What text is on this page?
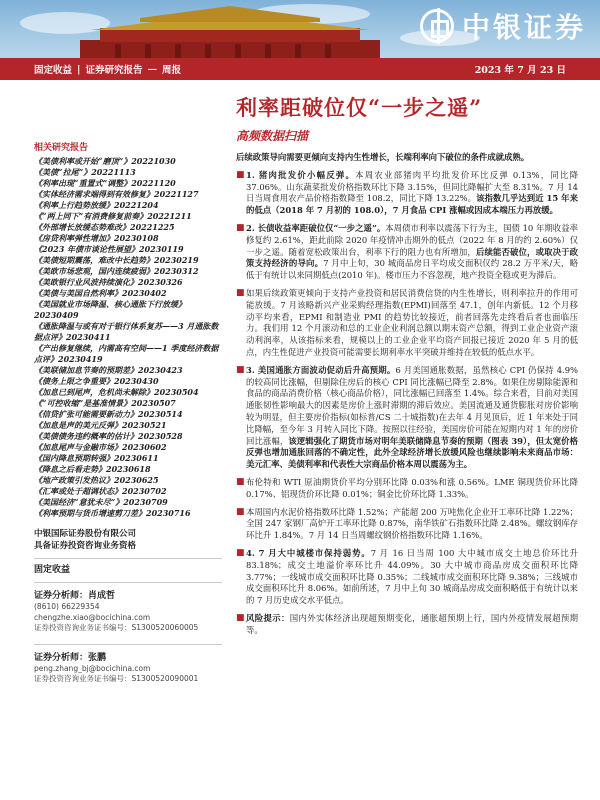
中银证券
固定收益 | 证券研究报告 — 周报	2023 年 7 月 23 日
利率距破位仅“一步之遥”
高频数据扫描
相关研究报告
《美债利率或开始“磨顶”》20221030
《美债“拉尾”》20221113
《利率出现“重置式”调整》20221120
《实体经济需求端得到有效修复》20221127
《利率上行趋势放缓》20221204
《“两上同下”有消费修复前奏》20221211
《外部增长放缓态势难改》20221225
《房贷利率弹性增加》20230108
《2023 年债市谈论性展望》20230119
《美债短期震荡，难改中长趋势》20230219
《美欧市场悲观，国内连续疲弱》20230312
《美欧银行业风波持续演化》20230326
《美债与美国自然利率》20230402
《美国就业市场降温、核心通胀下行放缓》20230409
《通胀降温与或有对于银行体系复苏——3 月通胀数据点评》20230411
《产出修复继续，内需高有空间——1 季度经济数据点评》20230419
《美联储加息节奏的预期差》20230423
《债务上限之争重要》20230430
《加息已到尾声，危机尚未解除》20230504
《“可控收缩”是基准情景》20230507
《信贷扩张可能需要新动力》20230514
《加息是声的美元反弹》20230521
《美债债务违约概率的估计》20230528
《加息尾声与金融市场》20230602
《国内降息预期转强》20230611
《降息之后看走势》20230618
《地产政策引发热议》20230625
《汇率或处于超调状态》20230702
《美国经济“意犹未尽”》20230709
《利率预期与货币增速剪刀差》20230716
中银国际证券股份有限公司
具备证券投资咨询业务资格
固定收益
证券分析师：肖成哲
(8610) 66229354
chengzhe.xiao@bocichina.com
证券投资咨询业务证书编号：S1300520060005
证券分析师：张鹏
peng.zhang_bj@bocichina.com
证券投资咨询业务证书编号：S1300520090001
后续政策导向需要更倾向支持内生性增长，长端利率向下破位的条件成就成熟。
■ 1. 猪肉批发价小幅反弹。本周农业部猪肉平均批发价环比反弹 0.13%，同比降 37.06%。山东蔬菜批发价格指数环比下降 3.15%，但同比降幅扩大至 8.31%。7 月 14 日当周食用农产品价格指数降至 108.2，同比下降 13.22%。该指数几乎达到近 15 年来的低点（2018 年 7 月初的 108.0），7 月食品 CPI 涨幅或因成本端压力再放缓。
■ 2. 长债收益率距破位仅“一步之遥”。本周债市利率以震荡下行为主，国债 10 年期收益率修复约 2.61%，距此前除 2020 年疫情冲击期外的低点（2022 年 8 月的约 2.60%）仅一步之遥。随着宽松政策出台，利率下行的阻力也有所增加，后续能否破位，或取决于政策支持经济的导向。7 月中上旬，30 城商品房日平均成交面积仅约 28.2 万平米/天，略低于有统计以来同期低点(2010 年)。楼市压力不容忽视，地产投资全稳或更为滞后。
■ 如果后续政策更倾向于支持产业投资和居民消费信贷的内生性增长，则利率拉升的作用可能放缓。7 月该略新兴产业采购经理指数(EPMI)回落至 47.1，创年内新低。12 个月移动平均来看，EPMI 和制造业 PMI 的趋势比较接近，前者回落先走终看后者也面临压力。我们用 12 个月滚动和总的工业企业利润总额以期末资产总额，得到工业企业资产滚动利润率，从该指标来看，规模以上的工业企业平均资产回报已接近 2020 年 5 月的低点，内生性促进产业投资可能需要长期利率水平突破并维持在较低的低点水平。
■ 3. 美国通胀方面波动促动后升高预期。6 月美国通胀数据，虽然核心 CPI 仍保持 4.9%的较高同比涨幅，但剔除住房后的核心 CPI 同比涨幅已降至 2.8%。如果住房剔除能源和食品的商品消费价格（核心商品价格），同比涨幅已回落至 1.4%。综合来看，目前对美国通胀韧性影响最大的因素是房价上涨时滞期的滞后效应。美国流通及通货膨胀对房价影响较为明显，但主要房价指标(如标普/CS 二十城指数)在去年 4 月见顶后，近 1 年来处于同比降幅，至今年 3 月转入同比下降。按照以往经验，美国房价可能在短期内对 1 年的房价回比涨幅，该逻辑强化了期货市场对明年美联储降息节奏的预期（图表 39），但太宽价格反弹也增加通胀回落的不确定性，此外全球经济增长放缓风险也继续影响未来商品市场：美元汇率、美债利率和代表性大宗商品价格本周以震荡为主。
■ 布伦特和 WTI 原油期货价平均分别环比降 0.03%和涨 0.56%。LME 铜现货价环比降 0.17%、铝现货价环比降 0.01%；铜金比价环比降 1.33%。
■ 本周国内水泥价格指数环比降 1.52%；产能超 200 万吨焦化企业开工率环比降 1.22%；全国 247 家钢厂高炉开工率环比降 0.87%，南华铁矿石指数环比降 2.48%。螺纹钢库存环比升 1.84%。7 月 14 日当周螺纹钢价格指数环比降 1.16%。
■ 4. 7 月大中城楼市保持弱势。7 月 16 日当周 100 大中城市成交土地总价环比升 83.18%；成交土地溢价率环比升 44.09%。30 大中城市商品房成交面积环比降 3.77%；一线城市成交面积环比降 0.35%；二线城市成交面积环比降 9.38%；三线城市成交面积环比升 8.06%。如前所述，7 月中上旬 30 城商品房成交面积略低于有统计以来的 7 月历史成交水平低点。
■ 风险提示：国内外实体经济出现超预期变化，通胀超预期上行，国内外疫情发展超预期等。
